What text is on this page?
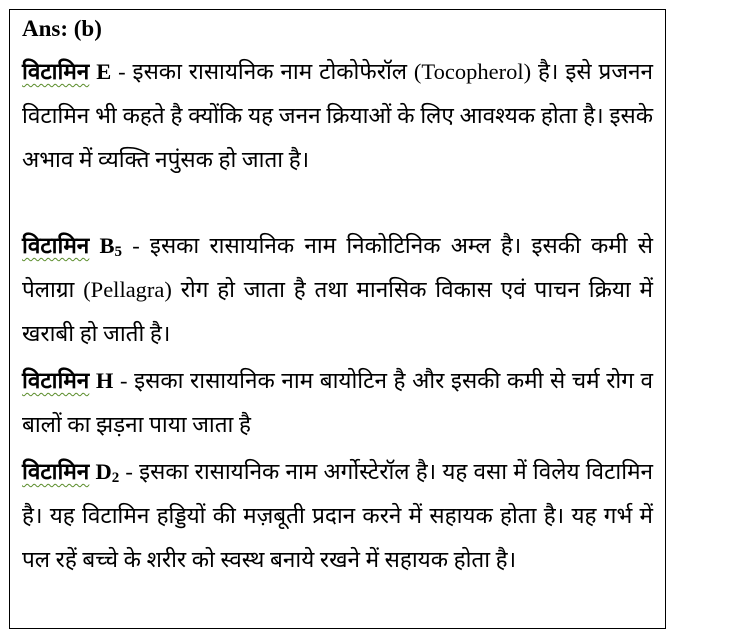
Ans: (b)

विटामिन E - इसका रासायनिक नाम टोकोफेरॉल (Tocopherol) है। इसे प्रजनन विटामिन भी कहते है क्योंकि यह जनन क्रियाओं के लिए आवश्यक होता है। इसके अभाव में व्यक्ति नपुंसक हो जाता है।

विटामिन $B_5$ - इसका रासायनिक नाम निकोटिनिक अम्ल है। इसकी कमी से पेलाग्रा (Pellagra) रोग हो जाता है तथा मानसिक विकास एवं पाचन क्रिया में खराबी हो जाती है।

विटामिन H - इसका रासायनिक नाम बायोटिन है और इसकी कमी से चर्म रोग व बालों का झड़ना पाया जाता है

विटामिन $D_2$ - इसका रासायनिक नाम अर्गोस्टेरॉल है। यह वसा में विलेय विटामिन है। यह विटामिन हड्डियों की मज़बूती प्रदान करने में सहायक होता है। यह गर्भ में पल रहें बच्चे के शरीर को स्वस्थ बनाये रखने में सहायक होता है।
